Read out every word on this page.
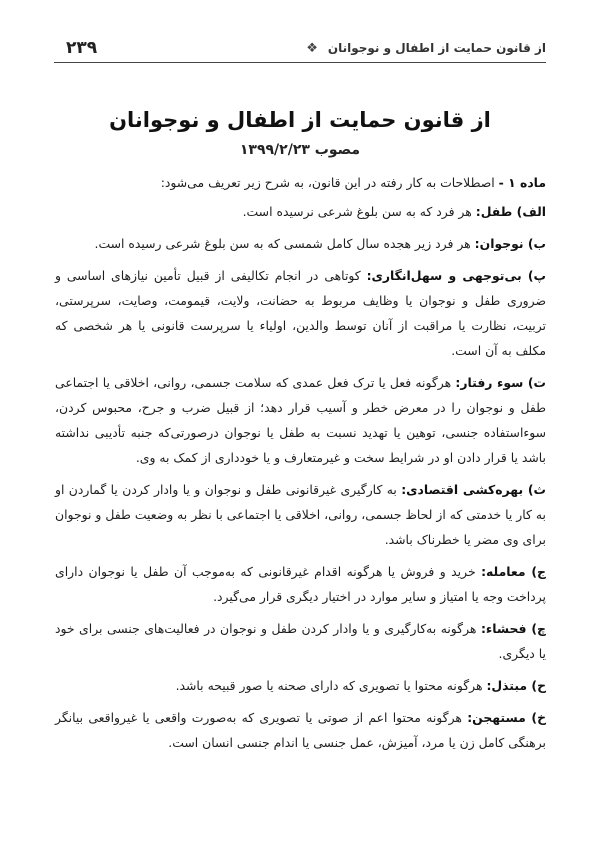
از قانون حمایت از اطفال و نوجوانان
❖
۲۳۹
از قانون حمایت از اطفال و نوجوانان
مصوب ۱۳۹۹/۲/۲۳

ماده ۱ - اصطلاحات به کار رفته در این قانون، به شرح زیر تعریف می‌شود:

الف) طفل: هر فرد که به سن بلوغ شرعی نرسیده است.

ب) نوجوان: هر فرد زیر هجده سال کامل شمسی که به سن بلوغ شرعی رسیده است.

پ) بی‌توجهی و سهل‌انگاری: کوتاهی در انجام تکالیفی از قبیل تأمین نیازهای اساسی و ضروری طفل و نوجوان یا وظایف مربوط به حضانت، ولایت، قیمومت، وصایت، سرپرستی، تربیت، نظارت یا مراقبت از آنان توسط والدین، اولیاء یا سرپرست قانونی یا هر شخصی که مکلف به آن است.

ت) سوء رفتار: هرگونه فعل یا ترک فعل عمدی که سلامت جسمی، روانی، اخلاقی یا اجتماعی طفل و نوجوان را در معرض خطر و آسیب قرار دهد؛ از قبیل ضرب و جرح، محبوس کردن، سوءاستفاده جنسی، توهین یا تهدید نسبت به طفل یا نوجوان درصورتی‌که جنبه تأدیبی نداشته باشد یا قرار دادن او در شرایط سخت و غیرمتعارف و یا خودداری از کمک به وی.

ث) بهره‌کشی اقتصادی: به کارگیری غیرقانونی طفل و نوجوان و یا وادار کردن یا گماردن او به کار یا خدمتی که از لحاظ جسمی، روانی، اخلاقی یا اجتماعی با نظر به وضعیت طفل و نوجوان برای وی مضر یا خطرناک باشد.

ج) معامله: خرید و فروش یا هرگونه اقدام غیرقانونی که به‌موجب آن طفل یا نوجوان دارای پرداخت وجه یا امتیاز و سایر موارد در اختیار دیگری قرار می‌گیرد.

چ) فحشاء: هرگونه به‌کارگیری و یا وادار کردن طفل و نوجوان در فعالیت‌های جنسی برای خود یا دیگری.

ح) مبتذل: هرگونه محتوا یا تصویری که دارای صحنه یا صور قبیحه باشد.

خ) مستهجن: هرگونه محتوا اعم از صوتی یا تصویری که به‌صورت واقعی یا غیرواقعی بیانگر برهنگی کامل زن یا مرد، آمیزش، عمل جنسی یا اندام جنسی انسان است.
